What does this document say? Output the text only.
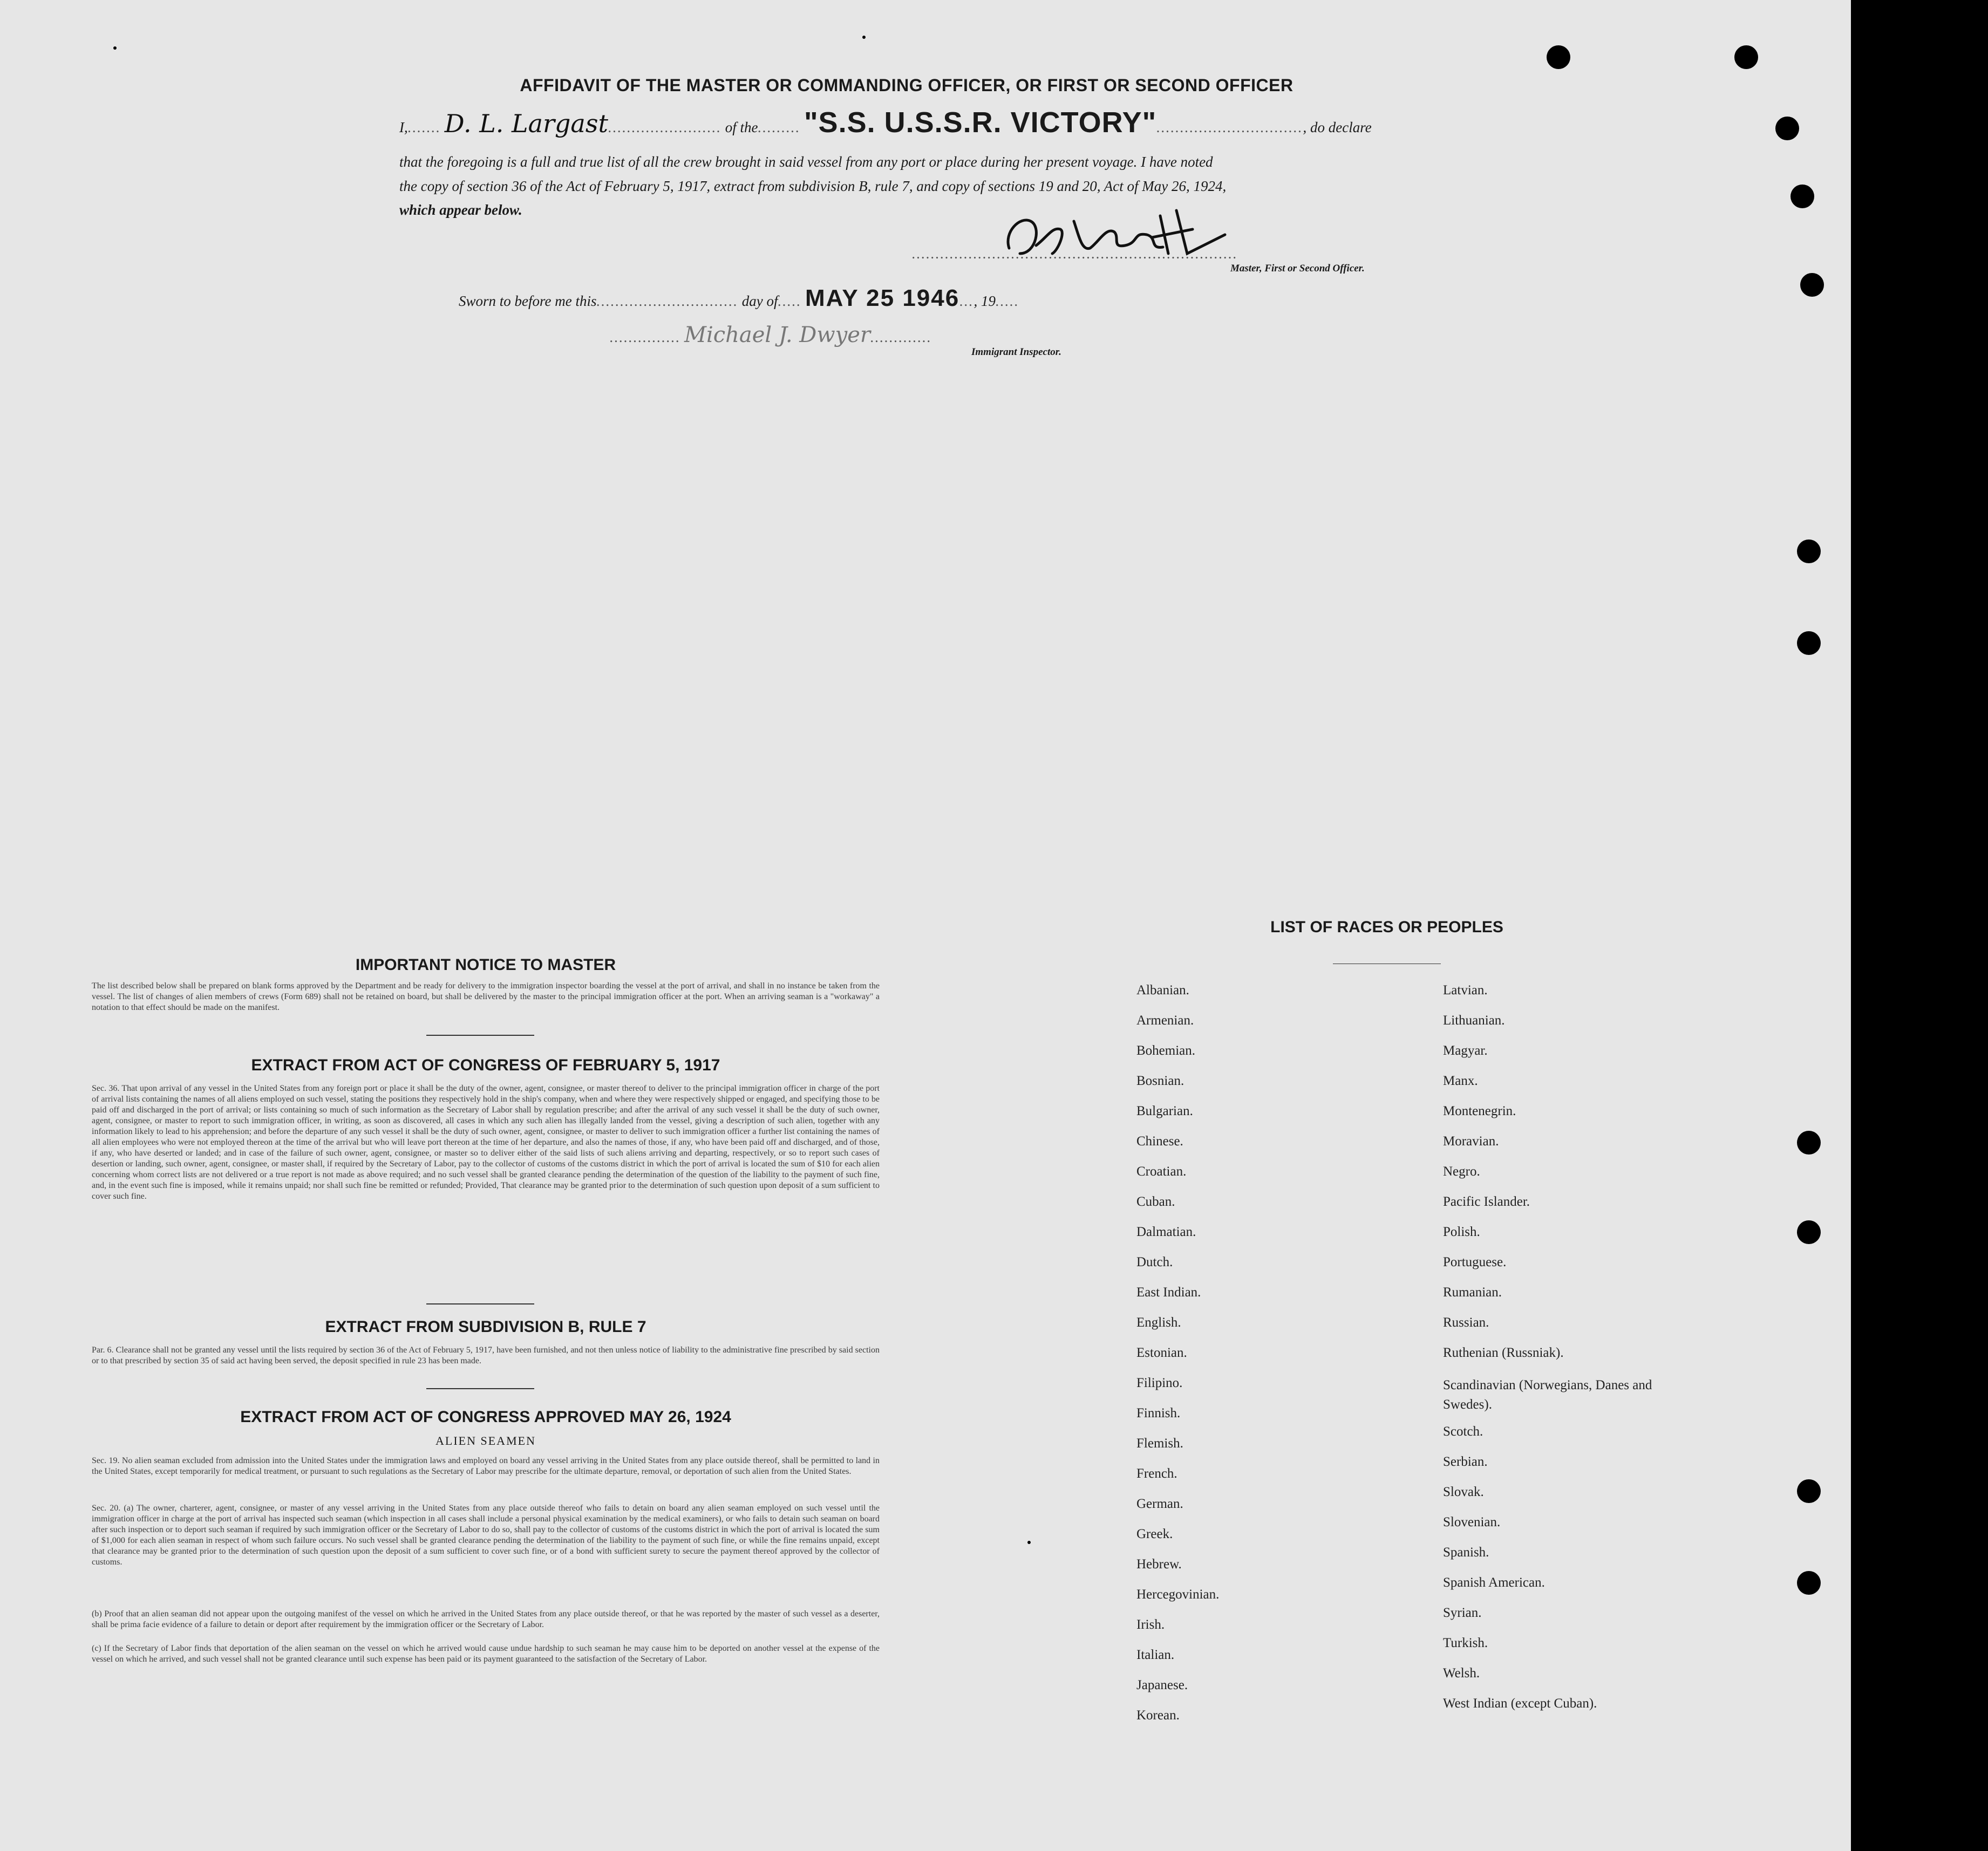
AFFIDAVIT OF THE MASTER OR COMMANDING OFFICER, OR FIRST OR SECOND OFFICER
I,....... D. L. Largast........................ of the......... "S.S. U.S.S.R. VICTORY"..............................., do declare
that the foregoing is a full and true list of all the crew brought in said vessel from any port or place during her present voyage. I have noted
the copy of section 36 of the Act of February 5, 1917, extract from subdivision B, rule 7, and copy of sections 19 and 20, Act of May 26, 1924,
which appear below.
.....................................................................
Master, First or Second Officer.
Sworn to before me this.............................. day of..... MAY 25 1946..., 19.....
............... Michael J. Dwyer.............
Immigrant Inspector.
IMPORTANT NOTICE TO MASTER
The list described below shall be prepared on blank forms approved by the Department and be ready for delivery to the immigration inspector boarding the vessel at the port of arrival, and shall in no instance be taken from the vessel. The list of changes of alien members of crews (Form 689) shall not be retained on board, but shall be delivered by the master to the principal immigration officer at the port. When an arriving seaman is a "workaway" a notation to that effect should be made on the manifest.
EXTRACT FROM ACT OF CONGRESS OF FEBRUARY 5, 1917
Sec. 36. That upon arrival of any vessel in the United States from any foreign port or place it shall be the duty of the owner, agent, consignee, or master thereof to deliver to the principal immigration officer in charge of the port of arrival lists containing the names of all aliens employed on such vessel, stating the positions they respectively hold in the ship's company, when and where they were respectively shipped or engaged, and specifying those to be paid off and discharged in the port of arrival; or lists containing so much of such information as the Secretary of Labor shall by regulation prescribe; and after the arrival of any such vessel it shall be the duty of such owner, agent, consignee, or master to report to such immigration officer, in writing, as soon as discovered, all cases in which any such alien has illegally landed from the vessel, giving a description of such alien, together with any information likely to lead to his apprehension; and before the departure of any such vessel it shall be the duty of such owner, agent, consignee, or master to deliver to such immigration officer a further list containing the names of all alien employees who were not employed thereon at the time of the arrival but who will leave port thereon at the time of her departure, and also the names of those, if any, who have been paid off and discharged, and of those, if any, who have deserted or landed; and in case of the failure of such owner, agent, consignee, or master so to deliver either of the said lists of such aliens arriving and departing, respectively, or so to report such cases of desertion or landing, such owner, agent, consignee, or master shall, if required by the Secretary of Labor, pay to the collector of customs of the customs district in which the port of arrival is located the sum of $10 for each alien concerning whom correct lists are not delivered or a true report is not made as above required; and no such vessel shall be granted clearance pending the determination of the question of the liability to the payment of such fine, and, in the event such fine is imposed, while it remains unpaid; nor shall such fine be remitted or refunded; Provided, That clearance may be granted prior to the determination of such question upon deposit of a sum sufficient to cover such fine.
EXTRACT FROM SUBDIVISION B, RULE 7
Par. 6. Clearance shall not be granted any vessel until the lists required by section 36 of the Act of February 5, 1917, have been furnished, and not then unless notice of liability to the administrative fine prescribed by said section or to that prescribed by section 35 of said act having been served, the deposit specified in rule 23 has been made.
EXTRACT FROM ACT OF CONGRESS APPROVED MAY 26, 1924
ALIEN SEAMEN
Sec. 19. No alien seaman excluded from admission into the United States under the immigration laws and employed on board any vessel arriving in the United States from any place outside thereof, shall be permitted to land in the United States, except temporarily for medical treatment, or pursuant to such regulations as the Secretary of Labor may prescribe for the ultimate departure, removal, or deportation of such alien from the United States.
Sec. 20. (a) The owner, charterer, agent, consignee, or master of any vessel arriving in the United States from any place outside thereof who fails to detain on board any alien seaman employed on such vessel until the immigration officer in charge at the port of arrival has inspected such seaman (which inspection in all cases shall include a personal physical examination by the medical examiners), or who fails to detain such seaman on board after such inspection or to deport such seaman if required by such immigration officer or the Secretary of Labor to do so, shall pay to the collector of customs of the customs district in which the port of arrival is located the sum of $1,000 for each alien seaman in respect of whom such failure occurs. No such vessel shall be granted clearance pending the determination of the liability to the payment of such fine, or while the fine remains unpaid, except that clearance may be granted prior to the determination of such question upon the deposit of a sum sufficient to cover such fine, or of a bond with sufficient surety to secure the payment thereof approved by the collector of customs.
(b) Proof that an alien seaman did not appear upon the outgoing manifest of the vessel on which he arrived in the United States from any place outside thereof, or that he was reported by the master of such vessel as a deserter, shall be prima facie evidence of a failure to detain or deport after requirement by the immigration officer or the Secretary of Labor.
(c) If the Secretary of Labor finds that deportation of the alien seaman on the vessel on which he arrived would cause undue hardship to such seaman he may cause him to be deported on another vessel at the expense of the vessel on which he arrived, and such vessel shall not be granted clearance until such expense has been paid or its payment guaranteed to the satisfaction of the Secretary of Labor.
LIST OF RACES OR PEOPLES
Albanian.
Armenian.
Bohemian.
Bosnian.
Bulgarian.
Chinese.
Croatian.
Cuban.
Dalmatian.
Dutch.
East Indian.
English.
Estonian.
Filipino.
Finnish.
Flemish.
French.
German.
Greek.
Hebrew.
Hercegovinian.
Irish.
Italian.
Japanese.
Korean.
Latvian.
Lithuanian.
Magyar.
Manx.
Montenegrin.
Moravian.
Negro.
Pacific Islander.
Polish.
Portuguese.
Rumanian.
Russian.
Ruthenian (Russniak).
Scandinavian (Norwegians, Danes and Swedes).
Scotch.
Serbian.
Slovak.
Slovenian.
Spanish.
Spanish American.
Syrian.
Turkish.
Welsh.
West Indian (except Cuban).
